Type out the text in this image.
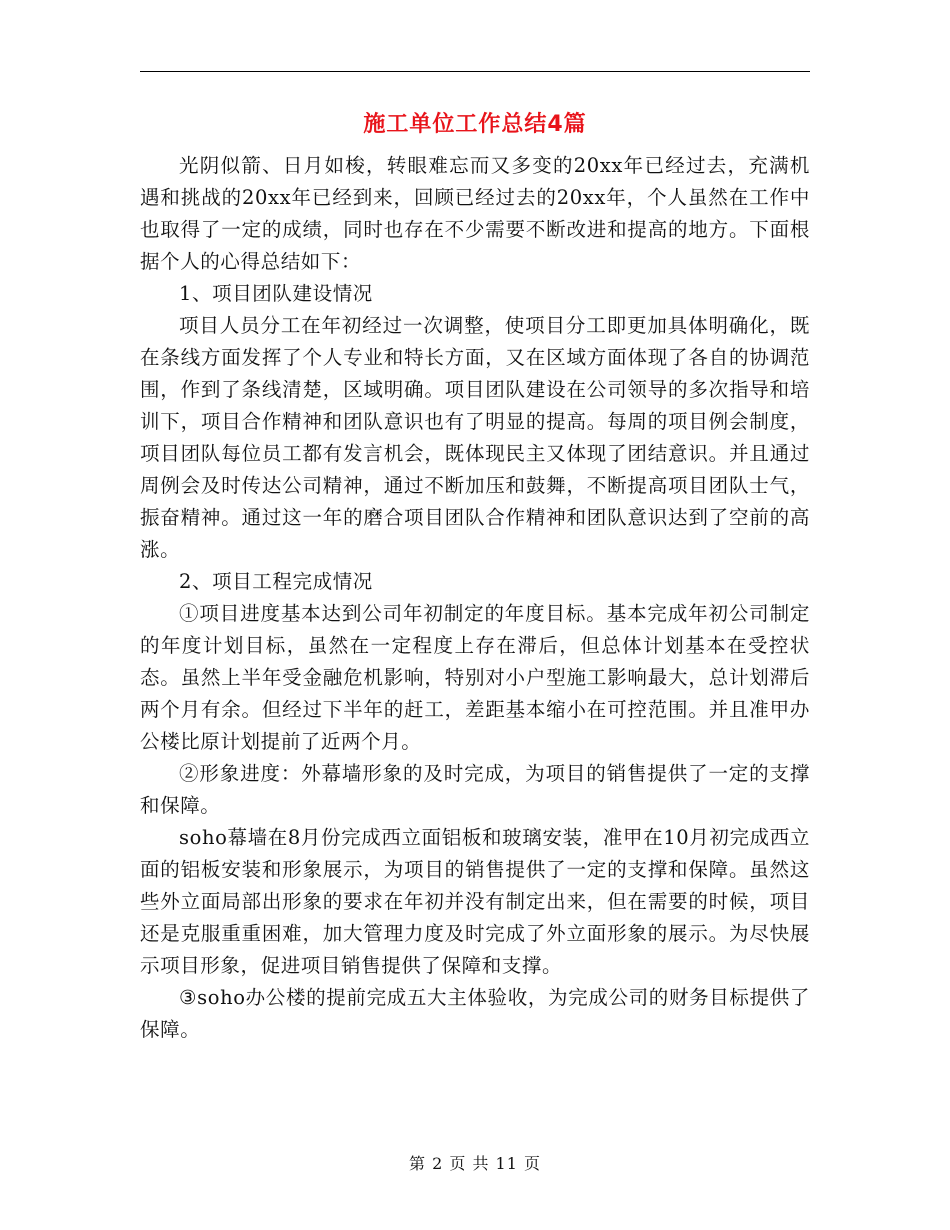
施工单位工作总结4篇

光阴似箭、日月如梭，转眼难忘而又多变的20xx年已经过去，充满机遇和挑战的20xx年已经到来，回顾已经过去的20xx年，个人虽然在工作中也取得了一定的成绩，同时也存在不少需要不断改进和提高的地方。下面根据个人的心得总结如下：

1、项目团队建设情况

项目人员分工在年初经过一次调整，使项目分工即更加具体明确化，既在条线方面发挥了个人专业和特长方面，又在区域方面体现了各自的协调范围，作到了条线清楚，区域明确。项目团队建设在公司领导的多次指导和培训下，项目合作精神和团队意识也有了明显的提高。每周的项目例会制度，项目团队每位员工都有发言机会，既体现民主又体现了团结意识。并且通过周例会及时传达公司精神，通过不断加压和鼓舞，不断提高项目团队士气，振奋精神。通过这一年的磨合项目团队合作精神和团队意识达到了空前的高涨。

2、项目工程完成情况

①项目进度基本达到公司年初制定的年度目标。基本完成年初公司制定的年度计划目标，虽然在一定程度上存在滞后，但总体计划基本在受控状态。虽然上半年受金融危机影响，特别对小户型施工影响最大，总计划滞后两个月有余。但经过下半年的赶工，差距基本缩小在可控范围。并且准甲办公楼比原计划提前了近两个月。

②形象进度：外幕墙形象的及时完成，为项目的销售提供了一定的支撑和保障。

soho幕墙在8月份完成西立面铝板和玻璃安装，准甲在10月初完成西立面的铝板安装和形象展示，为项目的销售提供了一定的支撑和保障。虽然这些外立面局部出形象的要求在年初并没有制定出来，但在需要的时候，项目还是克服重重困难，加大管理力度及时完成了外立面形象的展示。为尽快展示项目形象，促进项目销售提供了保障和支撑。

③soho办公楼的提前完成五大主体验收，为完成公司的财务目标提供了保障。

第 2 页 共 11 页
